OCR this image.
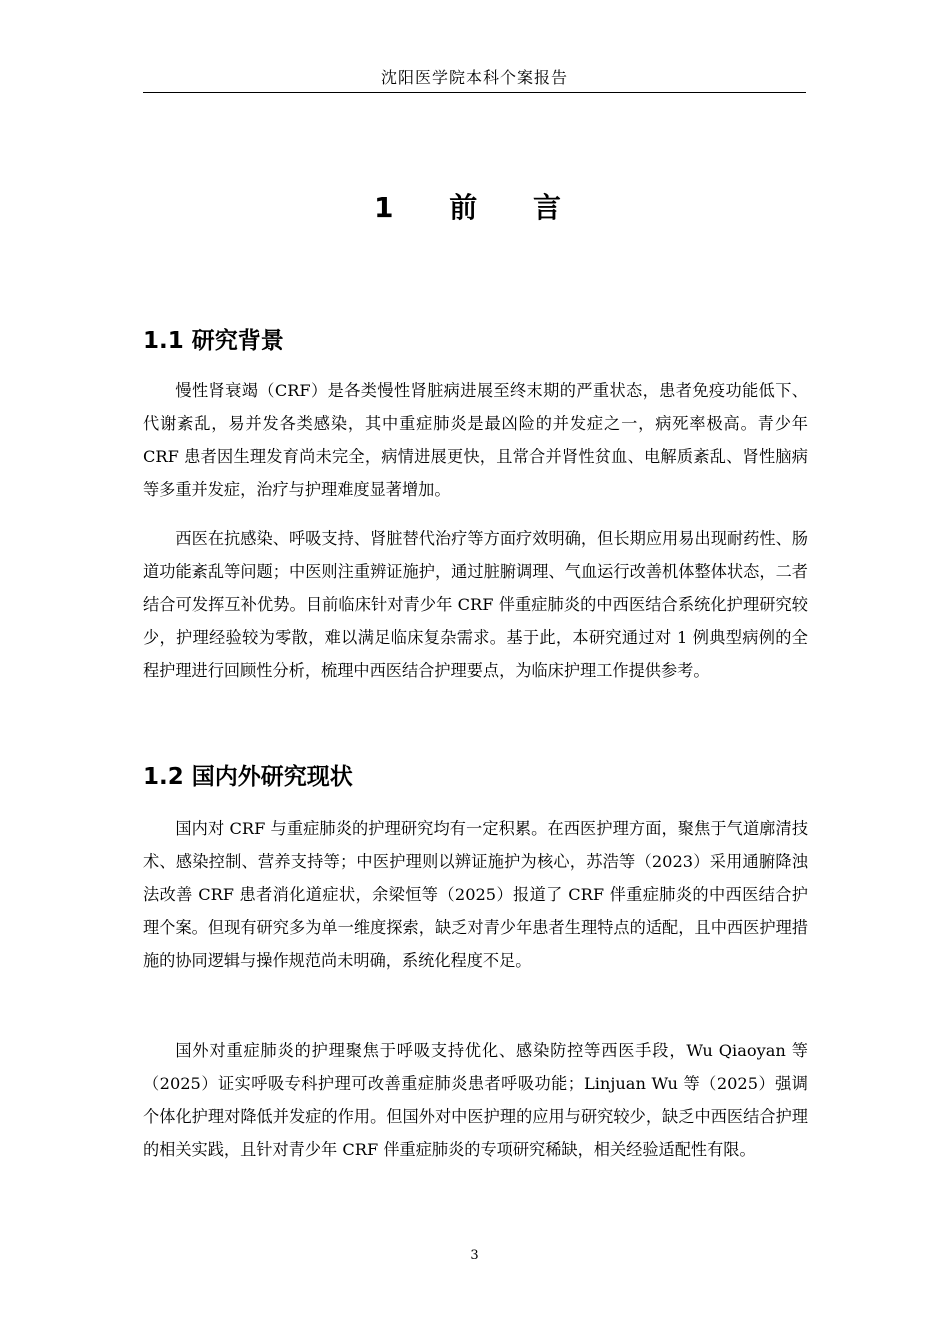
沈阳医学院本科个案报告
1 前 言
1.1 研究背景

慢性肾衰竭（CRF）是各类慢性肾脏病进展至终末期的严重状态，患者免疫功能低下、代谢紊乱，易并发各类感染，其中重症肺炎是最凶险的并发症之一，病死率极高。青少年 CRF 患者因生理发育尚未完全，病情进展更快，且常合并肾性贫血、电解质紊乱、肾性脑病等多重并发症，治疗与护理难度显著增加。

西医在抗感染、呼吸支持、肾脏替代治疗等方面疗效明确，但长期应用易出现耐药性、肠道功能紊乱等问题；中医则注重辨证施护，通过脏腑调理、气血运行改善机体整体状态，二者结合可发挥互补优势。目前临床针对青少年 CRF 伴重症肺炎的中西医结合系统化护理研究较少，护理经验较为零散，难以满足临床复杂需求。基于此，本研究通过对 1 例典型病例的全程护理进行回顾性分析，梳理中西医结合护理要点，为临床护理工作提供参考。

1.2 国内外研究现状

国内对 CRF 与重症肺炎的护理研究均有一定积累。在西医护理方面，聚焦于气道廓清技术、感染控制、营养支持等；中医护理则以辨证施护为核心，苏浩等（2023）采用通腑降浊法改善 CRF 患者消化道症状，余梁恒等（2025）报道了 CRF 伴重症肺炎的中西医结合护理个案。但现有研究多为单一维度探索，缺乏对青少年患者生理特点的适配，且中西医护理措施的协同逻辑与操作规范尚未明确，系统化程度不足。

国外对重症肺炎的护理聚焦于呼吸支持优化、感染防控等西医手段，Wu Qiaoyan 等（2025）证实呼吸专科护理可改善重症肺炎患者呼吸功能；Linjuan Wu 等（2025）强调个体化护理对降低并发症的作用。但国外对中医护理的应用与研究较少，缺乏中西医结合护理的相关实践，且针对青少年 CRF 伴重症肺炎的专项研究稀缺，相关经验适配性有限。

3
